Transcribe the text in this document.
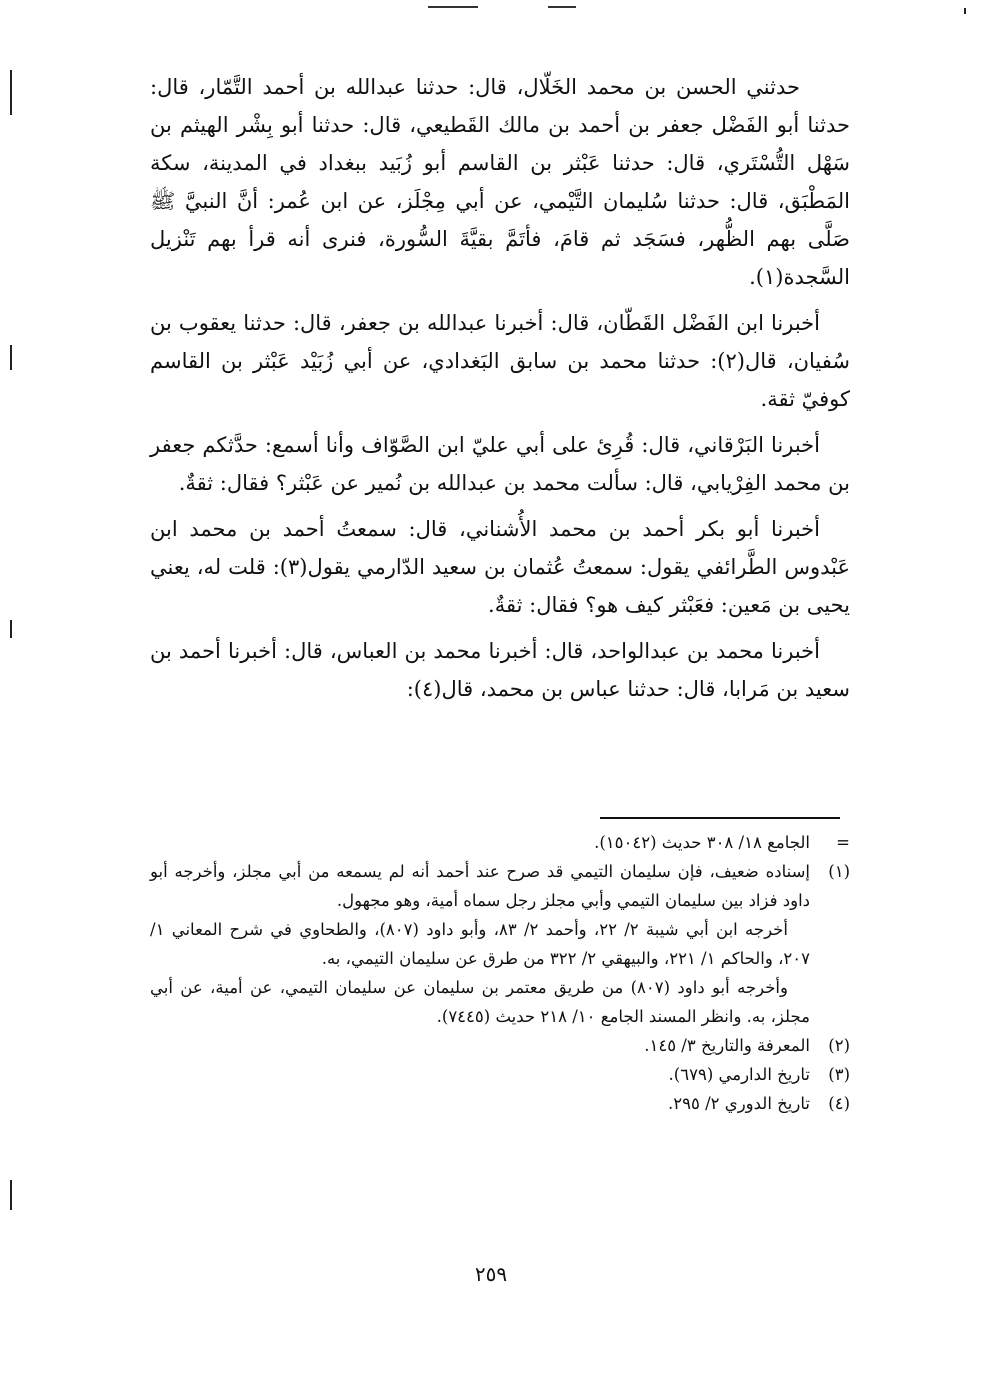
حدثني الحسن بن محمد الخَلّال، قال: حدثنا عبدالله بن أحمد التَّمّار، قال: حدثنا أبو الفَضْل جعفر بن أحمد بن مالك القَطيعي، قال: حدثنا أبو بِشْر الهيثم بن سَهْل التُّسْتَري، قال: حدثنا عَبْثر بن القاسم أبو زُبَيد ببغداد في المدينة، سكة المَطْبَق، قال: حدثنا سُليمان التَّيْمي، عن أبي مِجْلَز، عن ابن عُمر: أنَّ النبيَّ ﷺ صَلَّى بهم الظُّهر، فسَجَد ثم قامَ، فأتَمَّ بقيَّةَ السُّورة، فنرى أنه قرأ بهم تَنْزيل السَّجدة(١).

أخبرنا ابن الفَضْل القَطّان، قال: أخبرنا عبدالله بن جعفر، قال: حدثنا يعقوب بن سُفيان، قال(٢): حدثنا محمد بن سابق البَغدادي، عن أبي زُبَيْد عَبْثر بن القاسم كوفيّ ثقة.

أخبرنا البَرْقاني، قال: قُرِئ على أبي عليّ ابن الصَّوّاف وأنا أسمع: حدَّثكم جعفر بن محمد الفِرْيابي، قال: سألت محمد بن عبدالله بن نُمير عن عَبْثر؟ فقال: ثقةٌ.

أخبرنا أبو بكر أحمد بن محمد الأُشناني، قال: سمعتُ أحمد بن محمد ابن عَبْدوس الطَّرائفي يقول: سمعتُ عُثمان بن سعيد الدّارمي يقول(٣): قلت له، يعني يحيى بن مَعين: فعَبْثر كيف هو؟ فقال: ثقةٌ.

أخبرنا محمد بن عبدالواحد، قال: أخبرنا محمد بن العباس، قال: أخبرنا أحمد بن سعيد بن مَرابا، قال: حدثنا عباس بن محمد، قال(٤):

=
الجامع ١٨/ ٣٠٨ حديث (١٥٠٤٢).
(١)

إسناده ضعيف، فإن سليمان التيمي قد صرح عند أحمد أنه لم يسمعه من أبي مجلز، وأخرجه أبو داود فزاد بين سليمان التيمي وأبي مجلز رجل سماه أمية، وهو مجهول.

أخرجه ابن أبي شيبة ٢/ ٢٢، وأحمد ٢/ ٨٣، وأبو داود (٨٠٧)، والطحاوي في شرح المعاني ١/ ٢٠٧، والحاكم ١/ ٢٢١، والبيهقي ٢/ ٣٢٢ من طرق عن سليمان التيمي، به.

وأخرجه أبو داود (٨٠٧) من طريق معتمر بن سليمان عن سليمان التيمي، عن أمية، عن أبي مجلز، به. وانظر المسند الجامع ١٠/ ٢١٨ حديث (٧٤٤٥).

(٢)
المعرفة والتاريخ ٣/ ١٤٥.
(٣)
تاريخ الدارمي (٦٧٩).
(٤)
تاريخ الدوري ٢/ ٢٩٥.
٢٥٩
